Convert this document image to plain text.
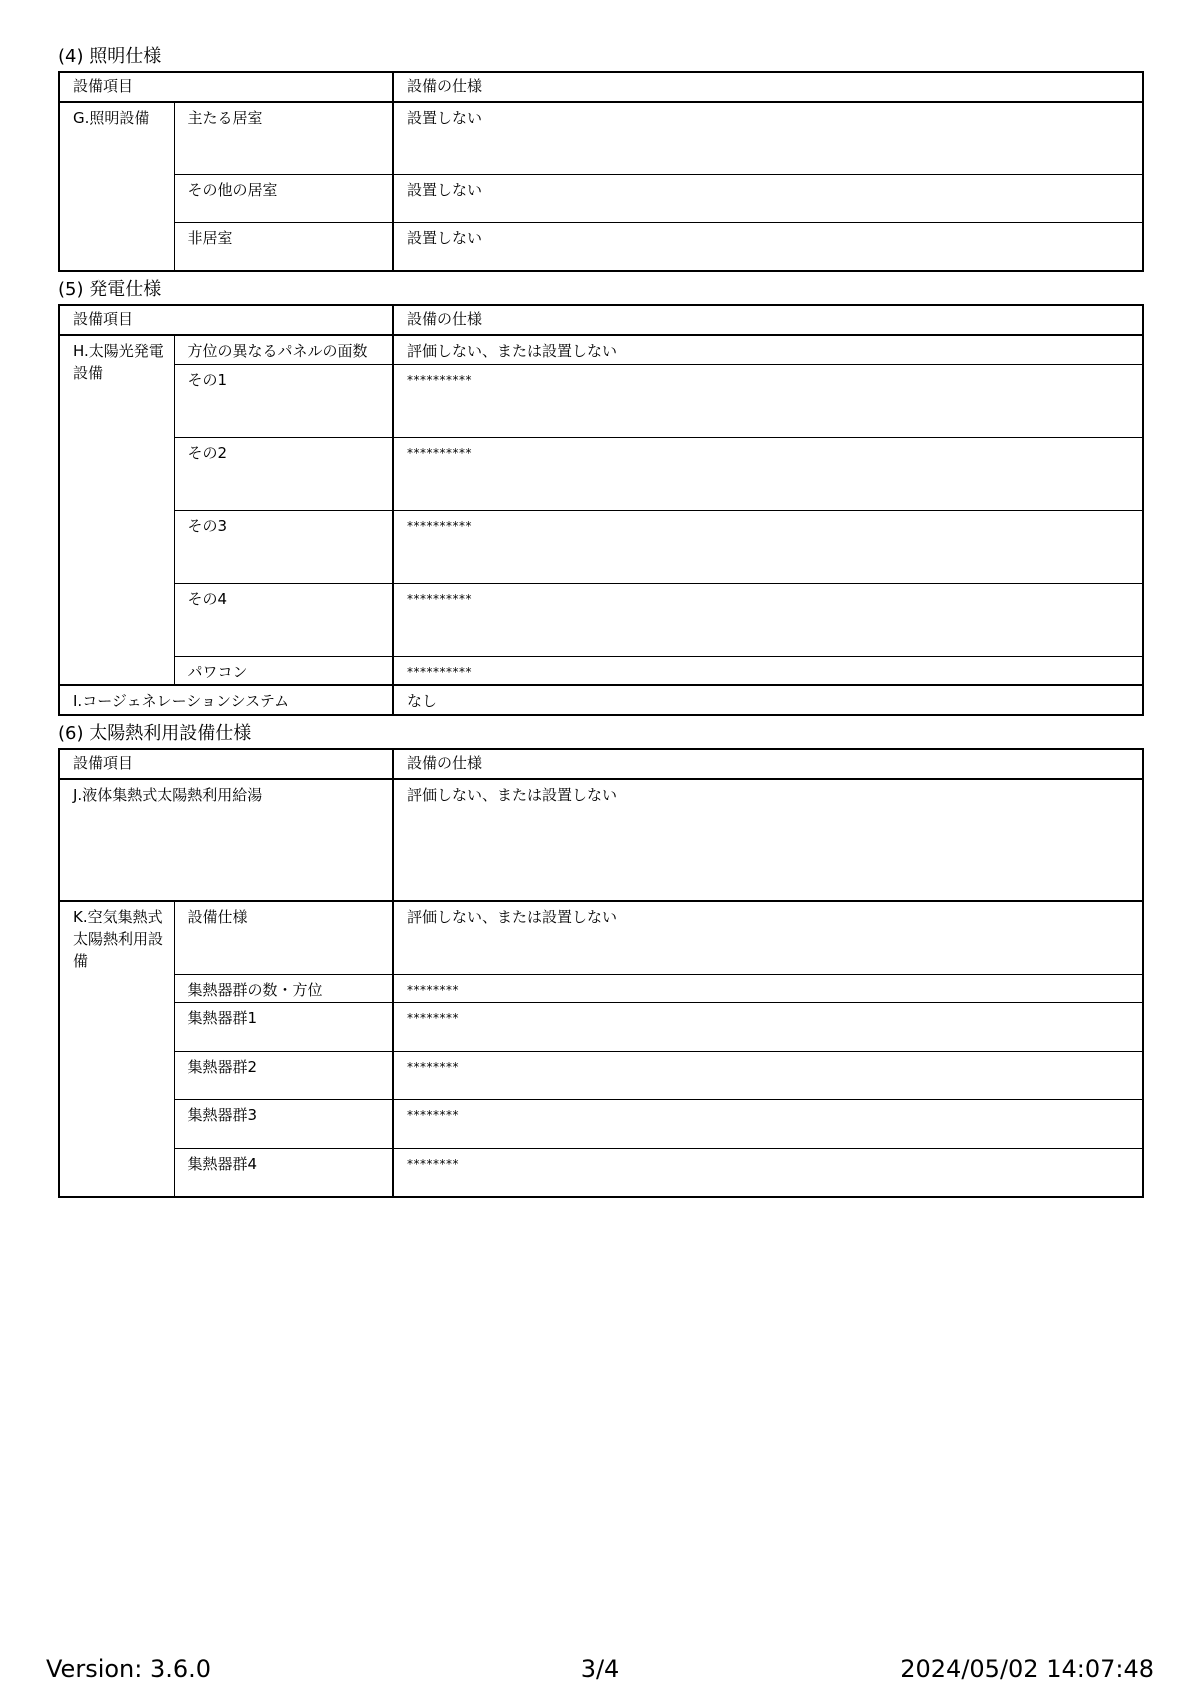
(4) 照明仕様
設備項目		設備の仕様
G.照明設備	主たる居室	設置しない
	その他の居室	設置しない
	非居室	設置しない
(5) 発電仕様
設備項目		設備の仕様
H.太陽光発電設備	方位の異なるパネルの面数	評価しない、または設置しない
	その1	**********
	その2	**********
	その3	**********
	その4	**********
	パワコン	**********
I.コージェネレーションシステム		なし
(6) 太陽熱利用設備仕様
設備項目		設備の仕様
J.液体集熱式太陽熱利用給湯		評価しない、または設置しない
K.空気集熱式太陽熱利用設備	設備仕様	評価しない、または設置しない
	集熱器群の数・方位	********
	集熱器群1	********
	集熱器群2	********
	集熱器群3	********
	集熱器群4	********
Version: 3.6.0	3/4	2024/05/02 14:07:48
